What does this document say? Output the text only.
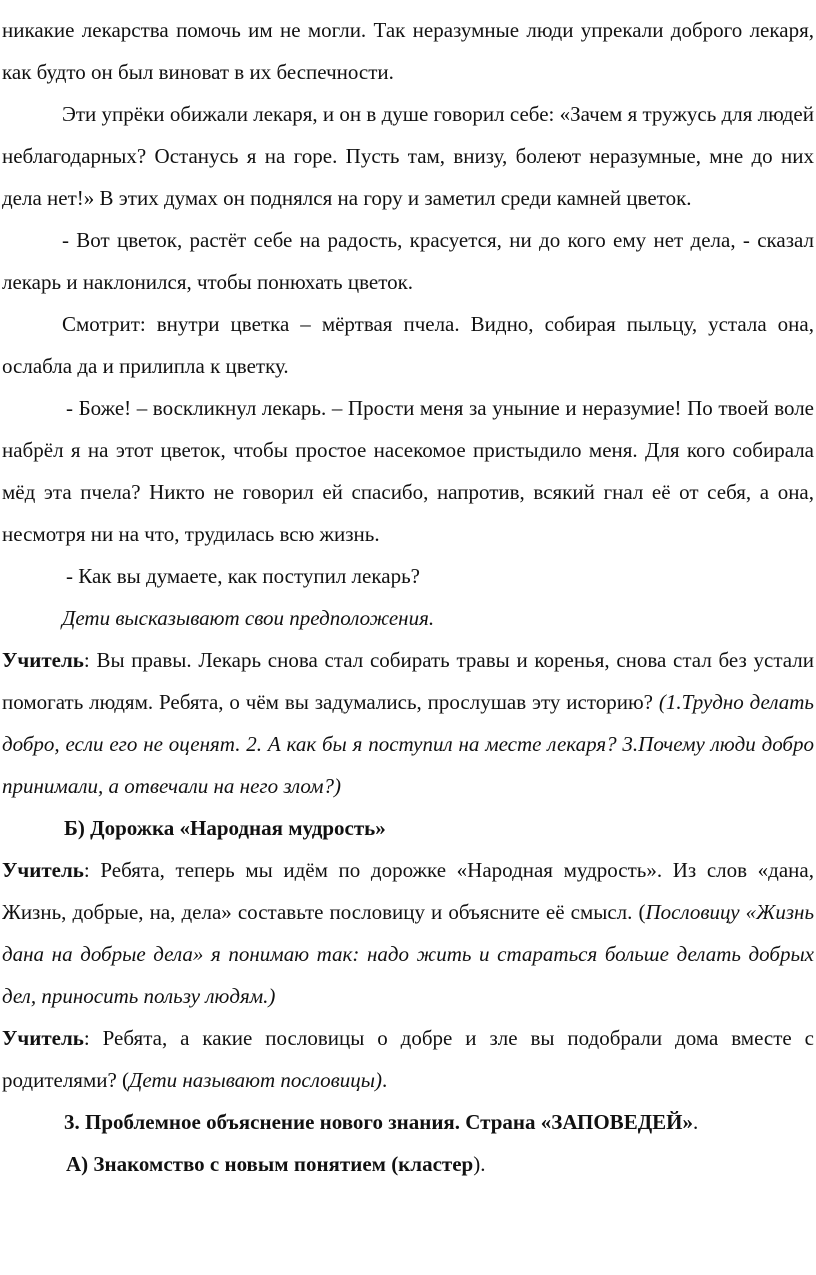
никакие лекарства помочь им не могли. Так неразумные люди упрекали доброго лекаря, как будто он был виноват в их беспечности.

Эти упрёки обижали лекаря, и он в душе говорил себе: «Зачем я тружусь для людей неблагодарных? Останусь я на горе. Пусть там, внизу, болеют неразумные, мне до них дела нет!» В этих думах он поднялся на гору и заметил среди камней цветок.

- Вот цветок, растёт себе на радость, красуется, ни до кого ему нет дела, - сказал лекарь и наклонился, чтобы понюхать цветок.

Смотрит: внутри цветка – мёртвая пчела. Видно, собирая пыльцу, устала она, ослабла да и прилипла к цветку.

- Боже! – воскликнул лекарь. – Прости меня за уныние и неразумие! По твоей воле набрёл я на этот цветок, чтобы простое насекомое пристыдило меня. Для кого собирала мёд эта пчела? Никто не говорил ей спасибо, напротив, всякий гнал её от себя, а она, несмотря ни на что, трудилась всю жизнь.

- Как вы думаете, как поступил лекарь?

Дети высказывают свои предположения.

Учитель: Вы правы. Лекарь снова стал собирать травы и коренья, снова стал без устали помогать людям. Ребята, о чём вы задумались, прослушав эту историю? (1.Трудно делать добро, если его не оценят. 2. А как бы я поступил на месте лекаря? 3.Почему люди добро принимали, а отвечали на него злом?)

Б) Дорожка «Народная мудрость»

Учитель: Ребята, теперь мы идём по дорожке «Народная мудрость». Из слов «дана, Жизнь, добрые, на, дела» составьте пословицу и объясните её смысл. (Пословицу «Жизнь дана на добрые дела» я понимаю так: надо жить и стараться больше делать добрых дел, приносить пользу людям.)

Учитель: Ребята, а какие пословицы о добре и зле вы подобрали дома вместе с родителями? (Дети называют пословицы).

3. Проблемное объяснение нового знания. Страна «ЗАПОВЕДЕЙ».

А) Знакомство с новым понятием (кластер).
